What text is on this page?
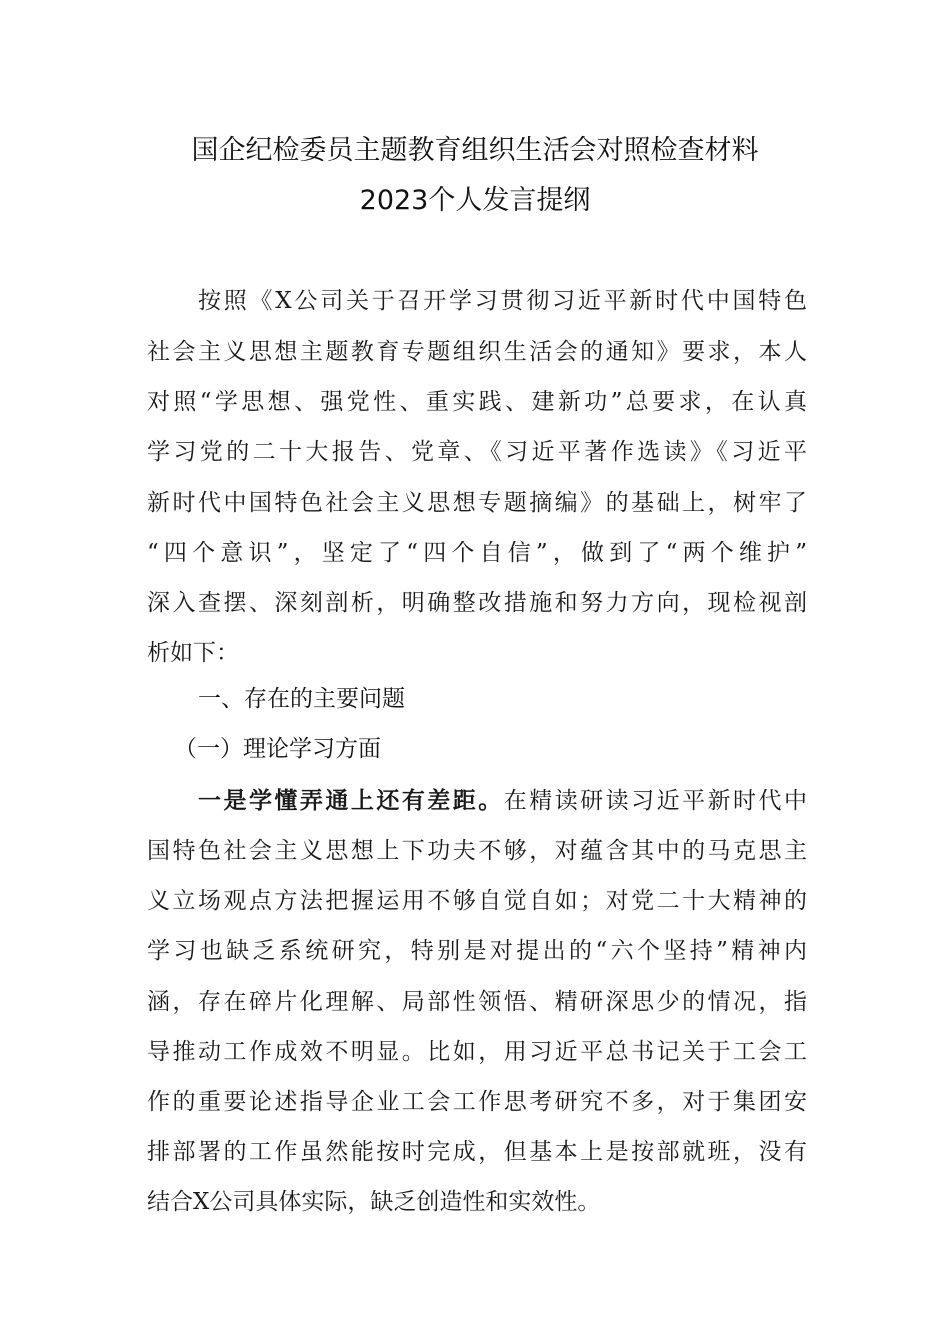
国企纪检委员主题教育组织生活会对照检查材料
2023个人发言提纲
按照《X公司关于召开学习贯彻习近平新时代中国特色
社会主义思想主题教育专题组织生活会的通知》要求，本人
对照“学思想、强党性、重实践、建新功”总要求，在认真
学习党的二十大报告、党章、《习近平著作选读》《习近平
新时代中国特色社会主义思想专题摘编》的基础上，树牢了
“四个意识”，坚定了“四个自信”，做到了“两个维护”
深入查摆、深刻剖析，明确整改措施和努力方向，现检视剖
析如下：
一、存在的主要问题
（一）理论学习方面
一是学懂弄通上还有差距。在精读研读习近平新时代中
国特色社会主义思想上下功夫不够，对蕴含其中的马克思主
义立场观点方法把握运用不够自觉自如；对党二十大精神的
学习也缺乏系统研究，特别是对提出的“六个坚持”精神内
涵，存在碎片化理解、局部性领悟、精研深思少的情况，指
导推动工作成效不明显。比如，用习近平总书记关于工会工
作的重要论述指导企业工会工作思考研究不多，对于集团安
排部署的工作虽然能按时完成，但基本上是按部就班，没有
结合X公司具体实际，缺乏创造性和实效性。
